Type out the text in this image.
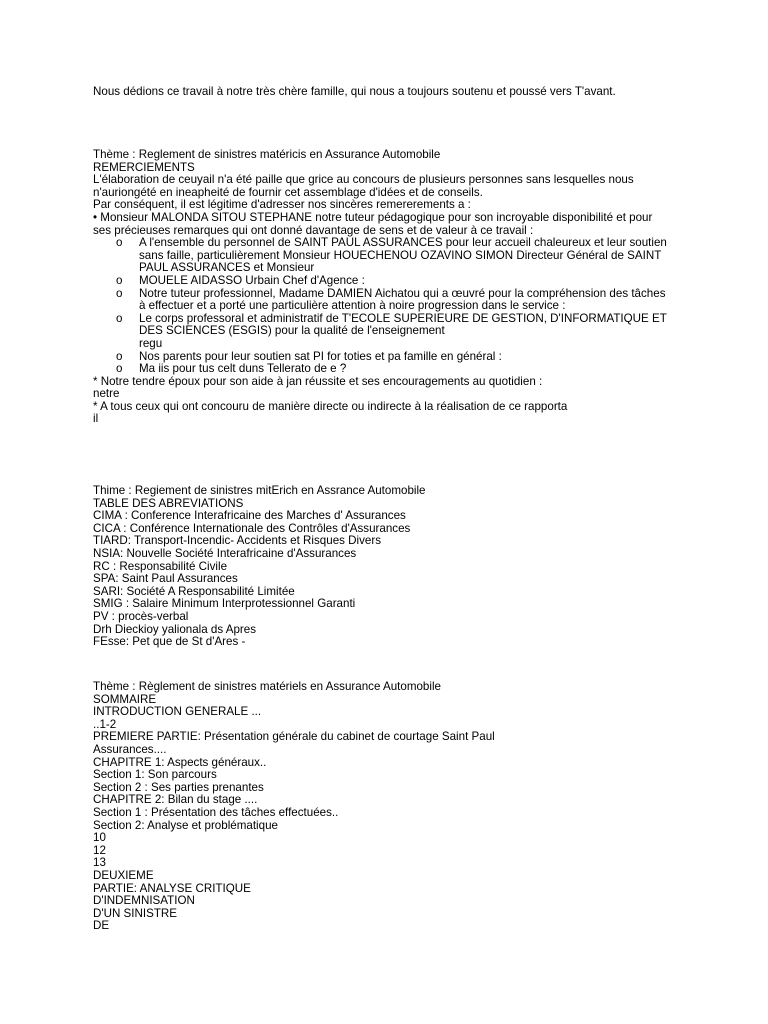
Nous dédions ce travail à notre très chère famille, qui nous a toujours soutenu et poussé vers T'avant.
Thème : Reglement de sinistres matéricis en Assurance Automobile
REMERCIEMENTS
L'élaboration de ceuyail n'a été paille que grice au concours de plusieurs personnes sans lesquelles nous
n'auriongété en ineapheité de fournir cet assemblage d'idées et de conseils.
Par conséquent, il est légitime d'adresser nos sincères remererements a :
• Monsieur MALONDA SITOU STEPHANE notre tuteur pédagogique pour son incroyable disponibilité et pour
ses précieuses remarques qui ont donné davantage de sens et de valeur à ce travail :
o A l'ensemble du personnel de SAINT PAUL ASSURANCES pour leur accueil chaleureux et leur soutien
sans faille, particulièrement Monsieur HOUECHENOU OZAVINO SIMON Directeur Général de SAINT
PAUL ASSURANCES et Monsieur
o MOUELE AIDASSO Urbain Chef d'Agence :
o Notre tuteur professionnel, Madame DAMIEN Aichatou qui a œuvré pour la compréhension des tâches
à effectuer et a porté une particulière attention à noire progression dans le service :
o Le corps professoral et administratif de T'ECOLE SUPERIEURE DE GESTION, D'INFORMATIQUE ET
DES SCIENCES (ESGIS) pour la qualité de l'enseignement
regu
o Nos parents pour leur soutien sat PI for toties et pa famille en général :
o Ma iis pour tus celt duns Tellerato de e ?
* Notre tendre époux pour son aide à jan réussite et ses encouragements au quotidien :
netre
* A tous ceux qui ont concouru de manière directe ou indirecte à la réalisation de ce rapporta
il
Thime : Regiement de sinistres mitErich en Assrance Automobile
TABLE DES ABREVIATIONS
CIMA : Conference Interafricaine des Marches d' Assurances
CICA : Conférence Internationale des Contrôles d'Assurances
TIARD: Transport-Incendic- Accidents et Risques Divers
NSIA: Nouvelle Société Interafricaine d'Assurances
RC : Responsabilité Civile
SPA: Saint Paul Assurances
SARI: Société A Responsabilité Limitée
SMIG : Salaire Minimum Interprotessionnel Garanti
PV : procès-verbal
Drh Dieckioy yalionala ds Apres
FEsse: Pet que de St d'Ares -
Thème : Règlement de sinistres matériels en Assurance Automobile
SOMMAIRE
INTRODUCTION GENERALE ...
..1-2
PREMIERE PARTIE: Présentation générale du cabinet de courtage Saint Paul
Assurances....
CHAPITRE 1: Aspects généraux..
Section 1: Son parcours
Section 2 : Ses parties prenantes
CHAPITRE 2: Bilan du stage ....
Section 1 : Présentation des tâches effectuées..
Section 2: Analyse et problématique
10
12
13
DEUXIEME
PARTIE: ANALYSE CRITIQUE
D'INDEMNISATION
D'UN SINISTRE
DE
